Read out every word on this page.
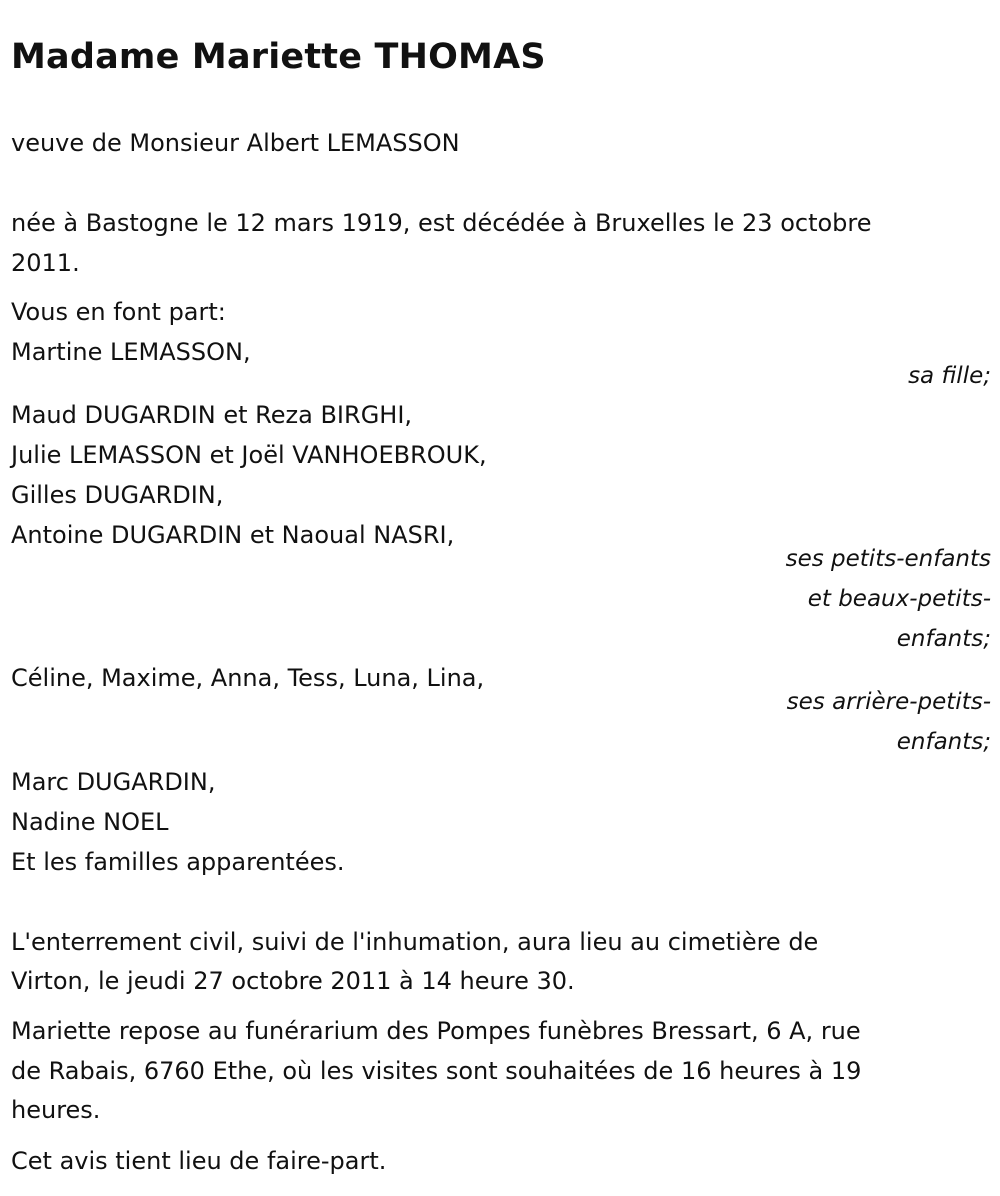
Madame Mariette THOMAS

veuve de Monsieur Albert LEMASSON

née à Bastogne le 12 mars 1919, est décédée à Bruxelles le 23 octobre

2011.

Vous en font part:

Martine LEMASSON,

sa fille;

Maud DUGARDIN et Reza BIRGHI,

Julie LEMASSON et Joël VANHOEBROUK,

Gilles DUGARDIN,

Antoine DUGARDIN et Naoual NASRI,

ses petits-enfants

et beaux-petits-

enfants;

Céline, Maxime, Anna, Tess, Luna, Lina,

ses arrière-petits-

enfants;

Marc DUGARDIN,

Nadine NOEL

Et les familles apparentées.

L'enterrement civil, suivi de l'inhumation, aura lieu au cimetière de

Virton, le jeudi 27 octobre 2011 à 14 heure 30.

Mariette repose au funérarium des Pompes funèbres Bressart, 6 A, rue

de Rabais, 6760 Ethe, où les visites sont souhaitées de 16 heures à 19

heures.

Cet avis tient lieu de faire-part.
